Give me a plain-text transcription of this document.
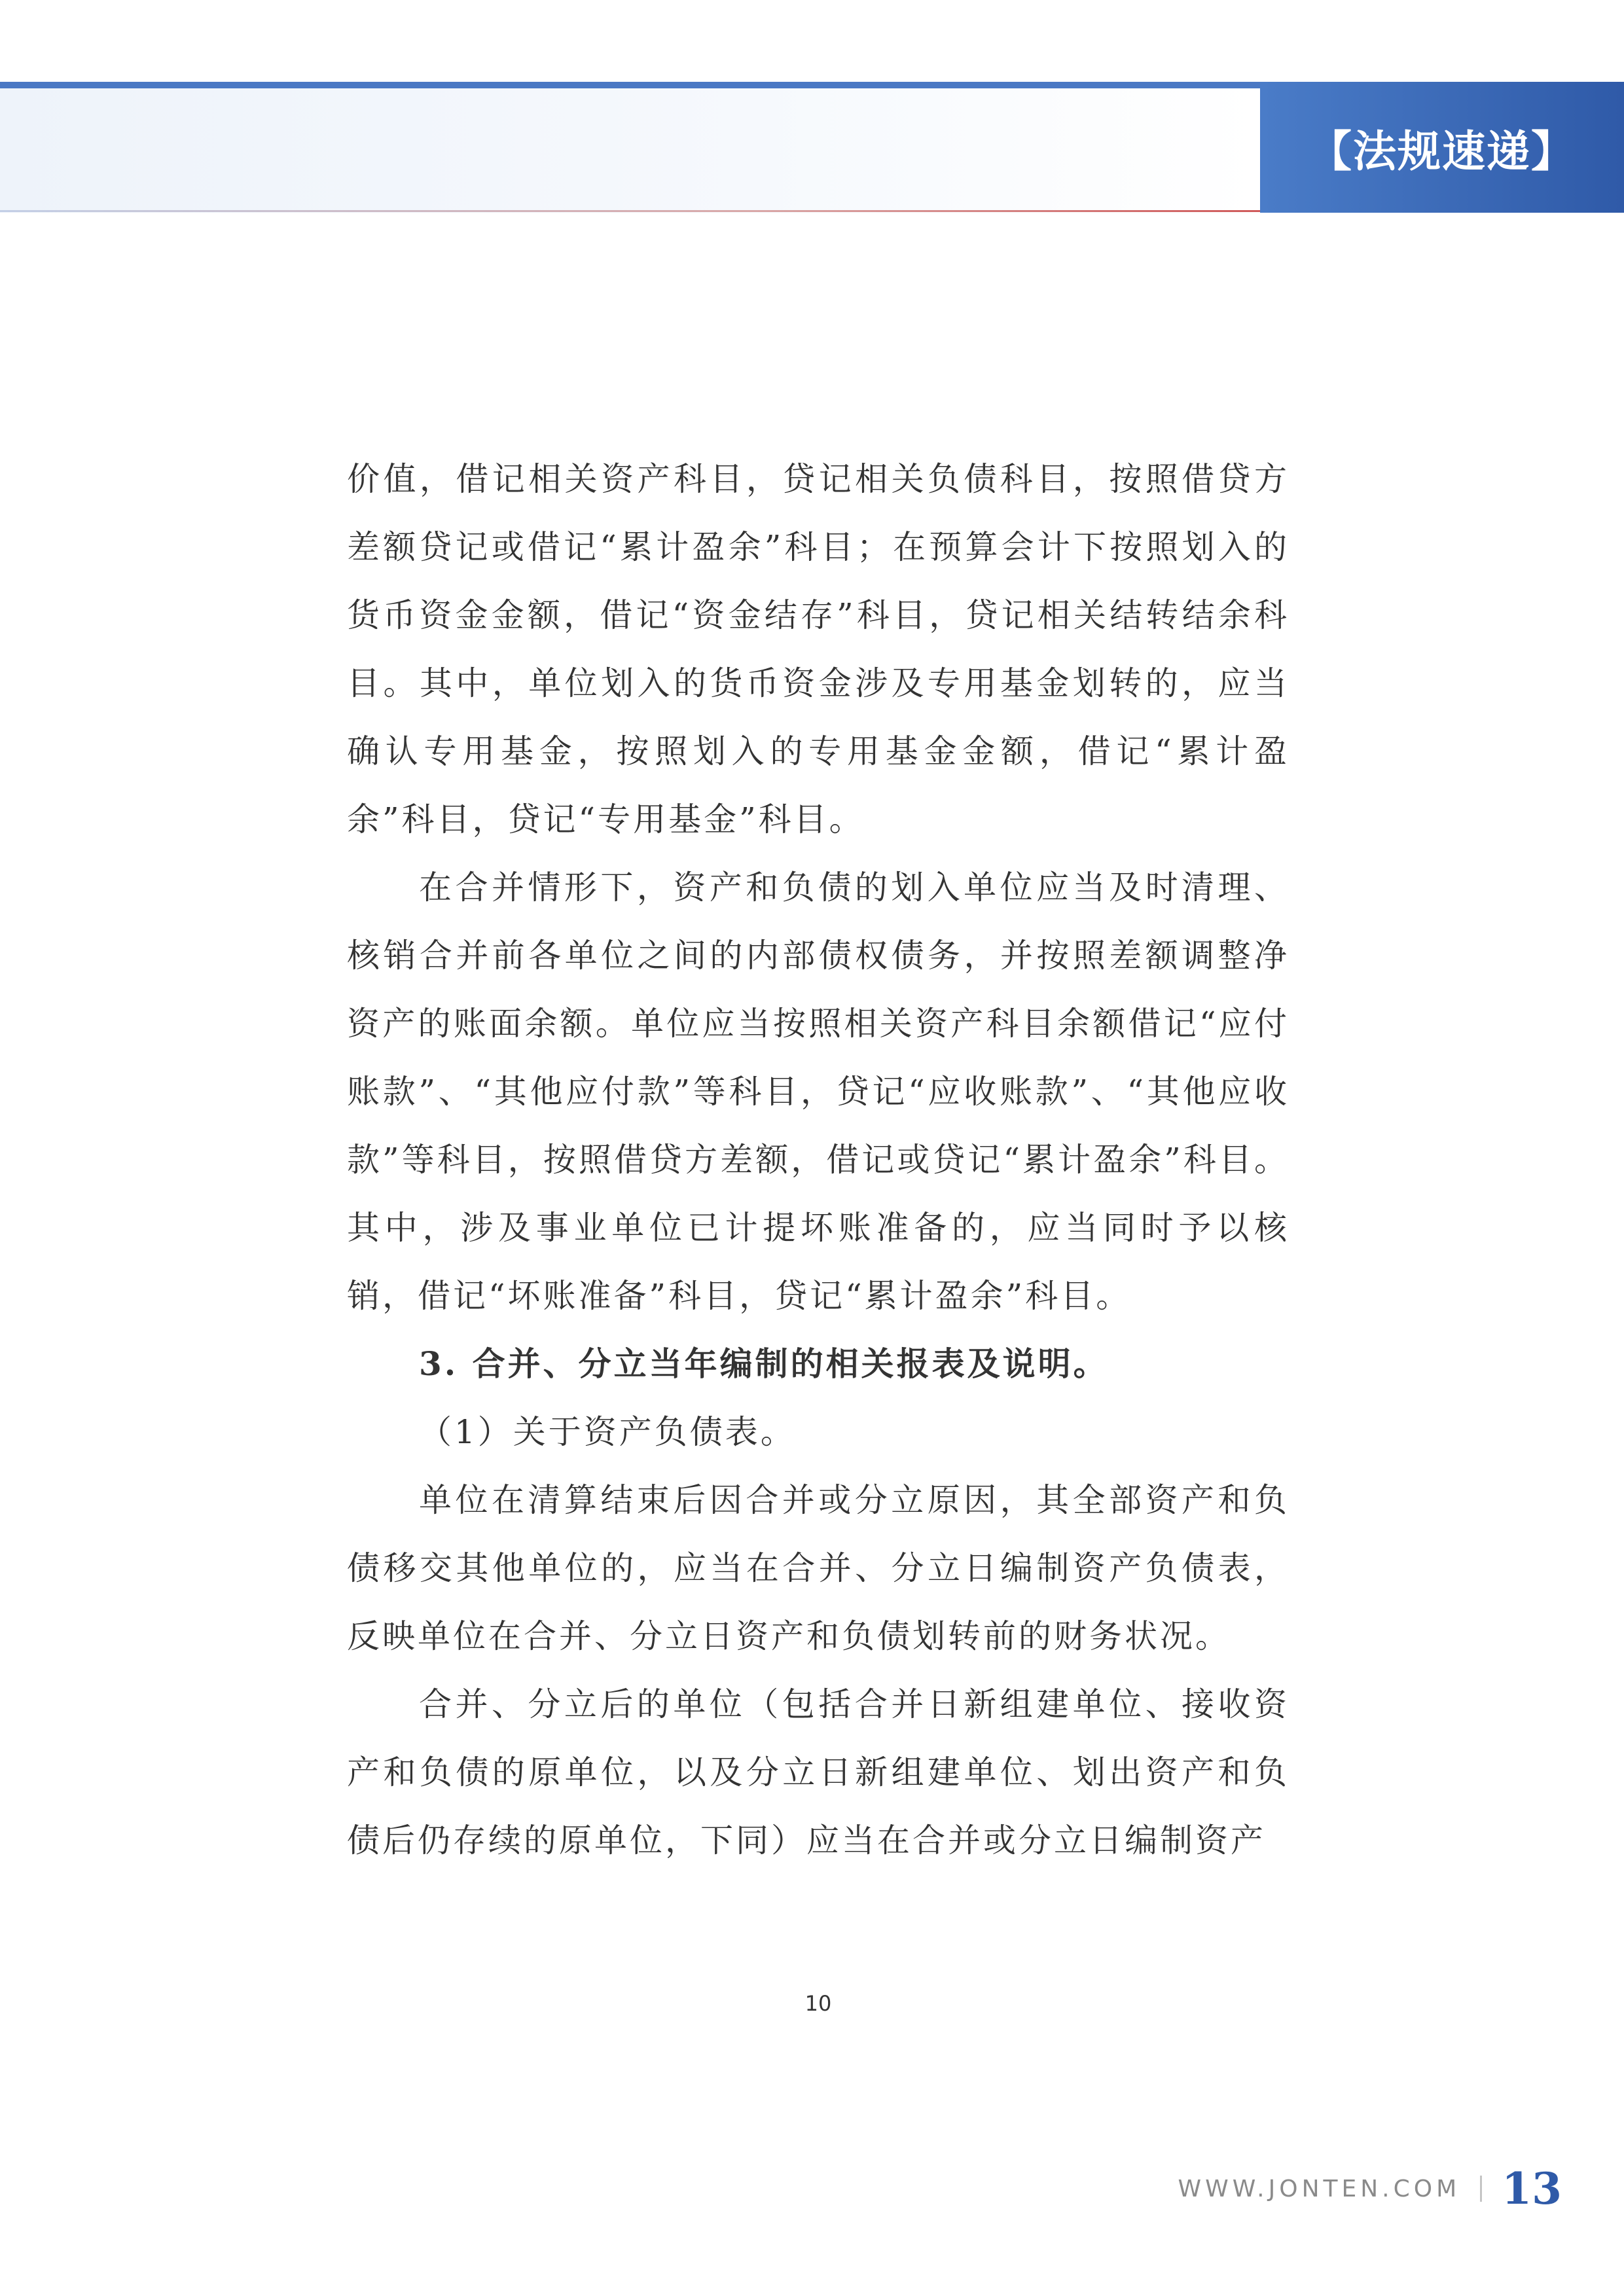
【法规速递】

价值，借记相关资产科目，贷记相关负债科目，按照借贷方差额贷记或借记“累计盈余”科目；在预算会计下按照划入的货币资金金额，借记“资金结存”科目，贷记相关结转结余科目。其中，单位划入的货币资金涉及专用基金划转的，应当确认专用基金，按照划入的专用基金金额，借记“累计盈余”科目，贷记“专用基金”科目。

在合并情形下，资产和负债的划入单位应当及时清理、核销合并前各单位之间的内部债权债务，并按照差额调整净资产的账面余额。单位应当按照相关资产科目余额借记“应付账款”、“其他应付款”等科目，贷记“应收账款”、“其他应收款”等科目，按照借贷方差额，借记或贷记“累计盈余”科目。其中，涉及事业单位已计提坏账准备的，应当同时予以核销，借记“坏账准备”科目，贷记“累计盈余”科目。

3. 合并、分立当年编制的相关报表及说明。

（1）关于资产负债表。

单位在清算结束后因合并或分立原因，其全部资产和负债移交其他单位的，应当在合并、分立日编制资产负债表，反映单位在合并、分立日资产和负债划转前的财务状况。

合并、分立后的单位（包括合并日新组建单位、接收资产和负债的原单位，以及分立日新组建单位、划出资产和负债后仍存续的原单位，下同）应当在合并或分立日编制资产

10
WWW.JONTEN.COM 13
